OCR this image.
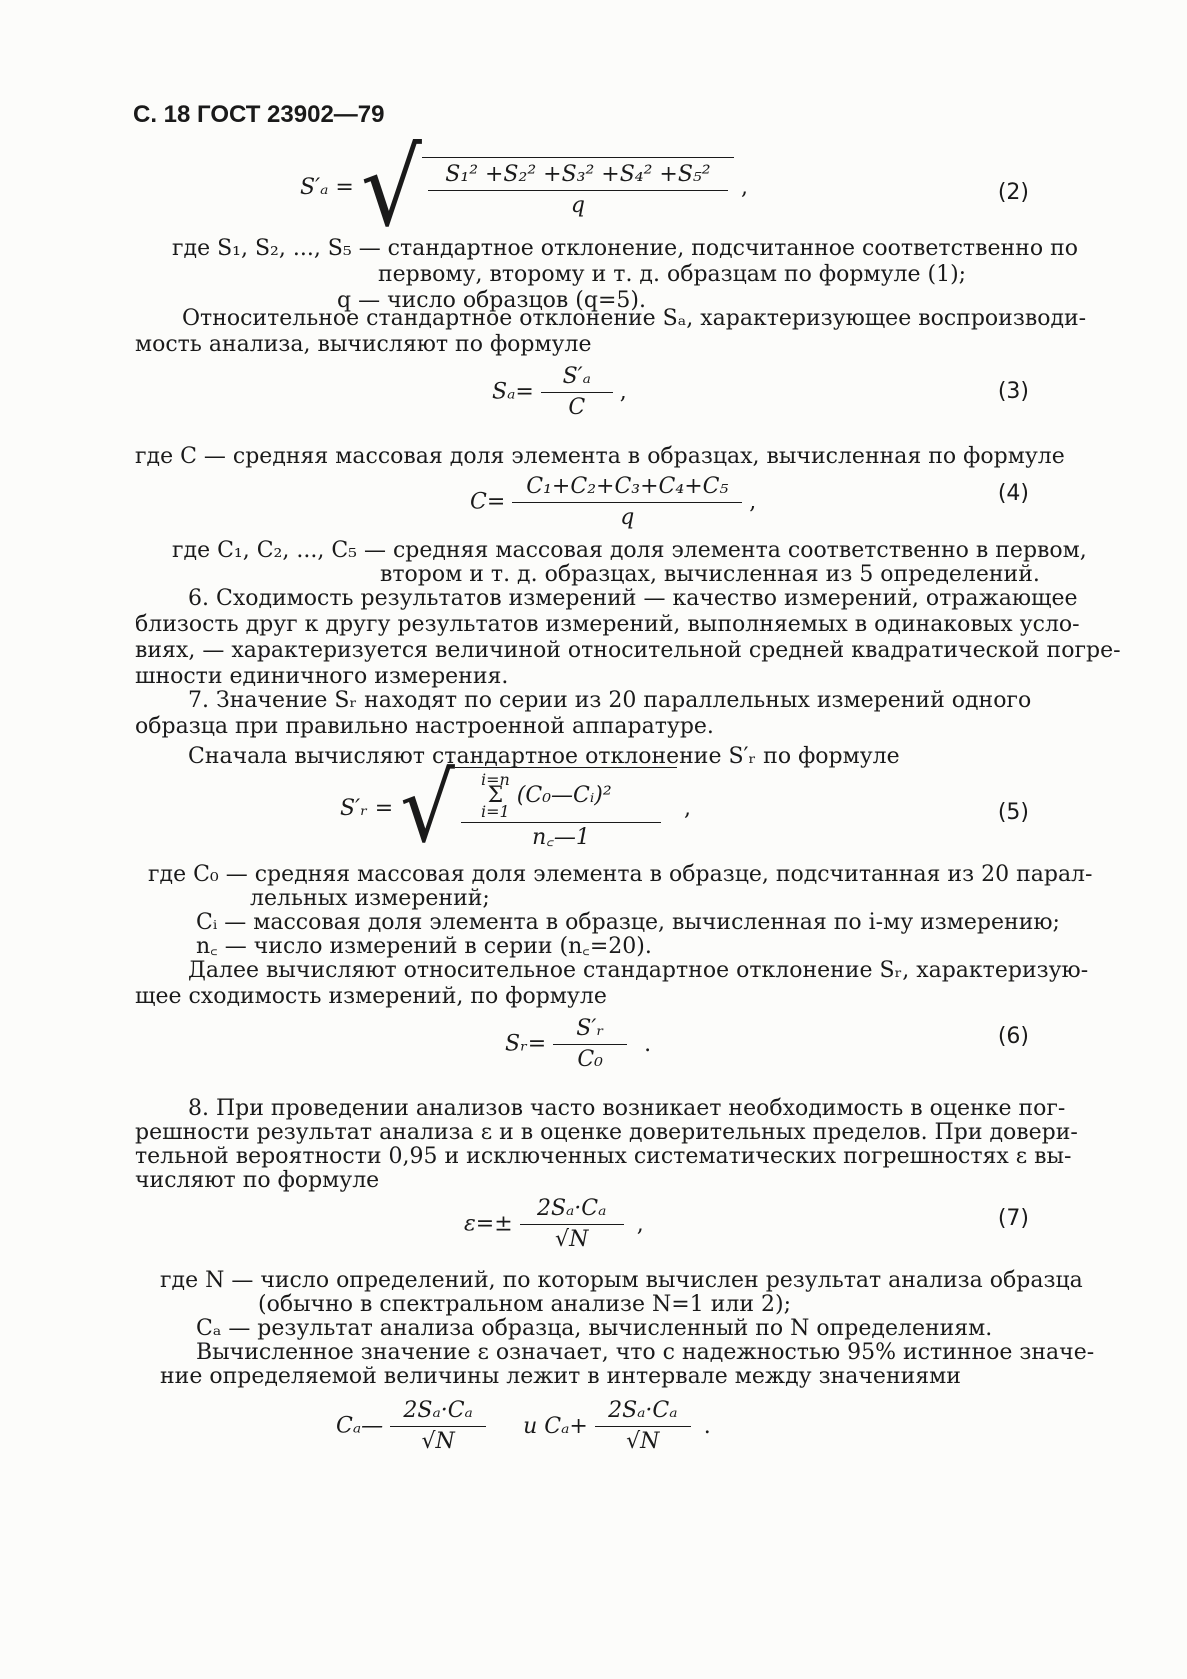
С. 18 ГОСТ 23902—79
S′ₐ = √ $\frac{\text{S₁² +S₂² +S₃² +S₄² +S₅²}}{q}$ ,	(2)
где S₁, S₂, ..., S₅ — стандартное отклонение, подсчитанное соответственно по
первому, второму и т. д. образцам по формуле (1);
q — число образцов (q=5).
Относительное стандартное отклонение Sₐ, характеризующее воспроизводи-
мость анализа, вычисляют по формуле
$S_a= \frac{\text{S′ₐ}}{C}$ ,	(3)
где C — средняя массовая доля элемента в образцах, вычисленная по формуле
$C= \frac{\text{C₁+C₂+C₃+C₄+C₅}}{q}$ ,	(4)
где C₁, C₂, ..., C₅ — средняя массовая доля элемента соответственно в первом,
втором и т. д. образцах, вычисленная из 5 определений.
6. Сходимость результатов измерений — качество измерений, отражающее
близость друг к другу результатов измерений, выполняемых в одинаковых усло-
виях, — характеризуется величиной относительной средней квадратической погре-
шности единичного измерения.
7. Значение Sᵣ находят по серии из 20 параллельных измерений одного
образца при правильно настроенной аппаратуре.
Сначала вычисляют стандартное отклонение S′ᵣ по формуле
S′ᵣ = √ i=n
Σ
i=1
(C₀—Cᵢ)²
n꜀—1
,	(5)
где C₀ — средняя массовая доля элемента в образце, подсчитанная из 20 парал-
лельных измерений;
Cᵢ — массовая доля элемента в образце, вычисленная по i-му измерению;
n꜀ — число измерений в серии (n꜀=20).
Далее вычисляют относительное стандартное отклонение Sᵣ, характеризую-
щее сходимость измерений, по формуле
Sᵣ= $\frac{\text{S′ᵣ}}{\text{C₀}}$ .	(6)
8. При проведении анализов часто возникает необходимость в оценке пог-
решности результат анализа ε и в оценке доверительных пределов. При довери-
тельной вероятности 0,95 и исключенных систематических погрешностях ε вы-
числяют по формуле
$\varepsilon=\pm \frac{\text{2Sₐ·Cₐ}}{√N}$ ,	(7)
где N — число определений, по которым вычислен результат анализа образца
(обычно в спектральном анализе N=1 или 2);
Cₐ — результат анализа образца, вычисленный по N определениям.
Вычисленное значение ε означает, что с надежностью 95% истинное значе-
ние определяемой величины лежит в интервале между значениями
Cₐ— $\frac{\text{2Sₐ·Cₐ}}{√N}$ и $C_a+ \frac{\text{2Sₐ·Cₐ}}{√N}$ .
